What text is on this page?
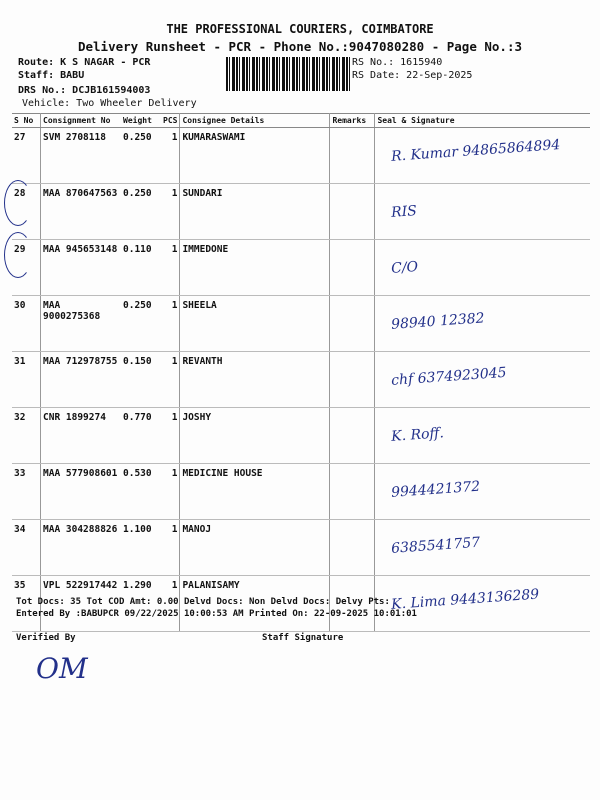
THE PROFESSIONAL COURIERS, COIMBATORE
Delivery Runsheet - PCR - Phone No.:9047080280 - Page No.:3
Route: K S NAGAR - PCR
Staff: BABU
DRS No.: DCJB161594003
Vehicle: Two Wheeler Delivery
RS No.: 1615940
RS Date: 22-Sep-2025
S No	Consignment No	Weight	PCS	Consignee Details	Remarks	Seal & Signature
27	SVM 2708118	0.250	1	KUMARASWAMI		R. Kumar 94865864894

28	MAA 870647563	0.250	1	SUNDARI		RIS

29	MAA 945653148	0.110	1	IMMEDONE		C/O

30	MAA 9000275368	0.250	1	SHEELA		98940 12382

31	MAA 712978755	0.150	1	REVANTH		chf 6374923045

32	CNR 1899274	0.770	1	JOSHY		K. Roff.

33	MAA 577908601	0.530	1	MEDICINE HOUSE		9944421372

34	MAA 304288826	1.100	1	MANOJ		6385541757

35	VPL 522917442	1.290	1	PALANISAMY		K. Lima 9443136289
Tot Docs: 35 Tot COD Amt: 0.00 Delvd Docs: Non Delvd Docs: Delvy Pts:
Entered By :BABUPCR 09/22/2025 10:00:53 AM Printed On: 22-09-2025 10:01:01
Verified By	Staff Signature
OM
